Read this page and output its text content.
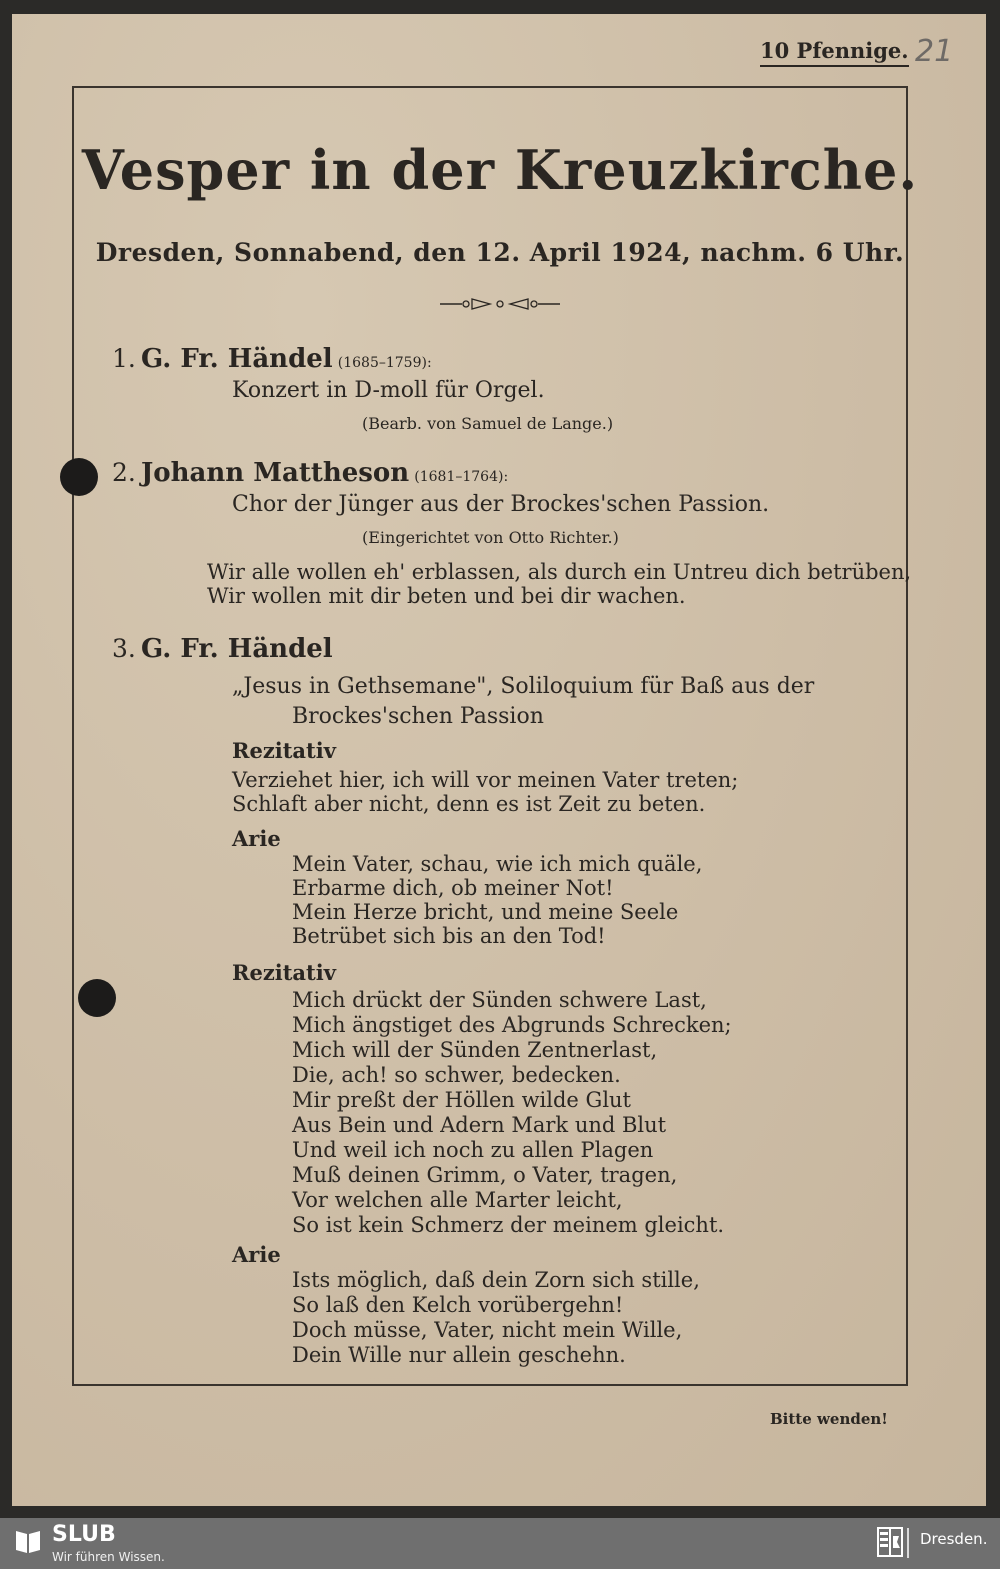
10 Pfennige. 21
Vesper in der Kreuzkirche.
Dresden, Sonnabend, den 12. April 1924, nachm. 6 Uhr.
1. G. Fr. Händel (1685–1759):
Konzert in D-moll für Orgel.
(Bearb. von Samuel de Lange.)
2. Johann Mattheson (1681–1764):
Chor der Jünger aus der Brockes'schen Passion.
(Eingerichtet von Otto Richter.)
Wir alle wollen eh' erblassen, als durch ein Untreu dich betrüben,
Wir wollen mit dir beten und bei dir wachen.
3. G. Fr. Händel
„Jesus in Gethsemane", Soliloquium für Baß aus der
Brockes'schen Passion
Rezitativ
Verziehet hier, ich will vor meinen Vater treten;
Schlaft aber nicht, denn es ist Zeit zu beten.
Arie
Mein Vater, schau, wie ich mich quäle,
Erbarme dich, ob meiner Not!
Mein Herze bricht, und meine Seele
Betrübet sich bis an den Tod!
Rezitativ
Mich drückt der Sünden schwere Last,
Mich ängstiget des Abgrunds Schrecken;
Mich will der Sünden Zentnerlast,
Die, ach! so schwer, bedecken.
Mir preßt der Höllen wilde Glut
Aus Bein und Adern Mark und Blut
Und weil ich noch zu allen Plagen
Muß deinen Grimm, o Vater, tragen,
Vor welchen alle Marter leicht,
So ist kein Schmerz der meinem gleicht.
Arie
Ists möglich, daß dein Zorn sich stille,
So laß den Kelch vorübergehn!
Doch müsse, Vater, nicht mein Wille,
Dein Wille nur allein geschehn.
Bitte wenden!
SLUB
Wir führen Wissen.
Dresden.
